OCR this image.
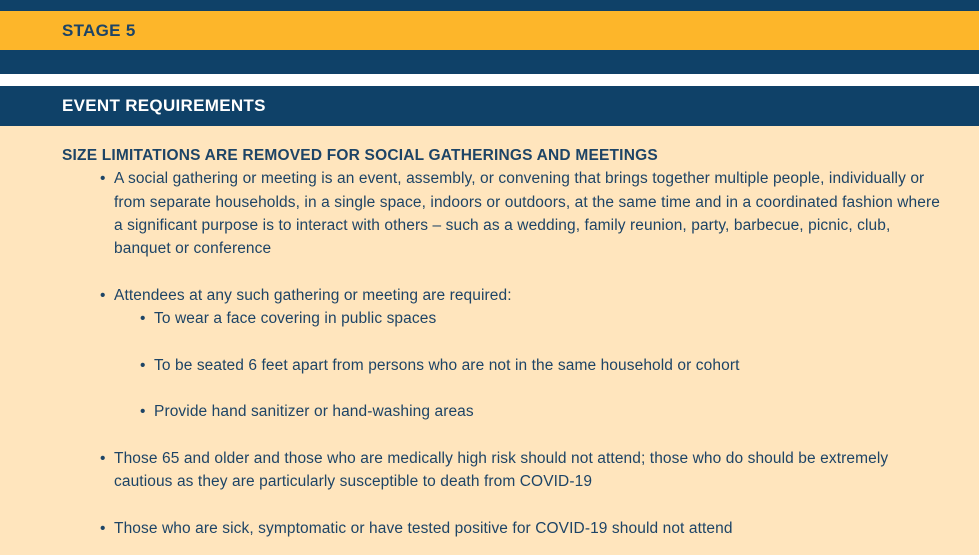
STAGE 5
EVENT REQUIREMENTS
SIZE LIMITATIONS ARE REMOVED FOR SOCIAL GATHERINGS AND MEETINGS
• A social gathering or meeting is an event, assembly, or convening that brings together multiple people, individually or from separate households, in a single space, indoors or outdoors, at the same time and in a coordinated fashion where a significant purpose is to interact with others – such as a wedding, family reunion, party, barbecue, picnic, club, banquet or conference
• Attendees at any such gathering or meeting are required:
• To wear a face covering in public spaces
• To be seated 6 feet apart from persons who are not in the same household or cohort
• Provide hand sanitizer or hand-washing areas
• Those 65 and older and those who are medically high risk should not attend; those who do should be extremely cautious as they are particularly susceptible to death from COVID-19
• Those who are sick, symptomatic or have tested positive for COVID-19 should not attend
